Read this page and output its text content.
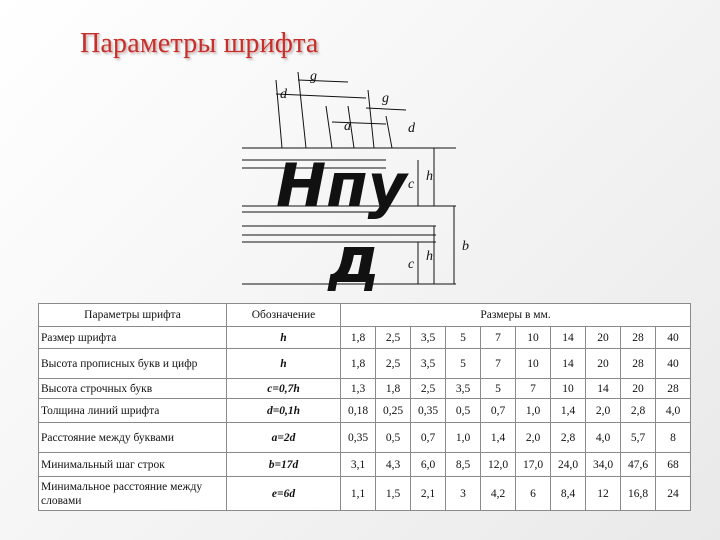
Параметры шрифта
Нпу
д
d
g
a
g
d
c
h
b
c
h
Параметры шрифта	Обозначение	Размеры в мм.									
Размер шрифта	h	1,8	2,5	3,5	5	7	10	14	20	28	40
Высота прописных букв и цифр	h	1,8	2,5	3,5	5	7	10	14	20	28	40
Высота строчных букв	c=0,7h	1,3	1,8	2,5	3,5	5	7	10	14	20	28
Толщина линий шрифта	d=0,1h	0,18	0,25	0,35	0,5	0,7	1,0	1,4	2,0	2,8	4,0
Расстояние между буквами	a=2d	0,35	0,5	0,7	1,0	1,4	2,0	2,8	4,0	5,7	8
Минимальный шаг строк	b=17d	3,1	4,3	6,0	8,5	12,0	17,0	24,0	34,0	47,6	68
Минимальное расстояние между словами	e=6d	1,1	1,5	2,1	3	4,2	6	8,4	12	16,8	24
